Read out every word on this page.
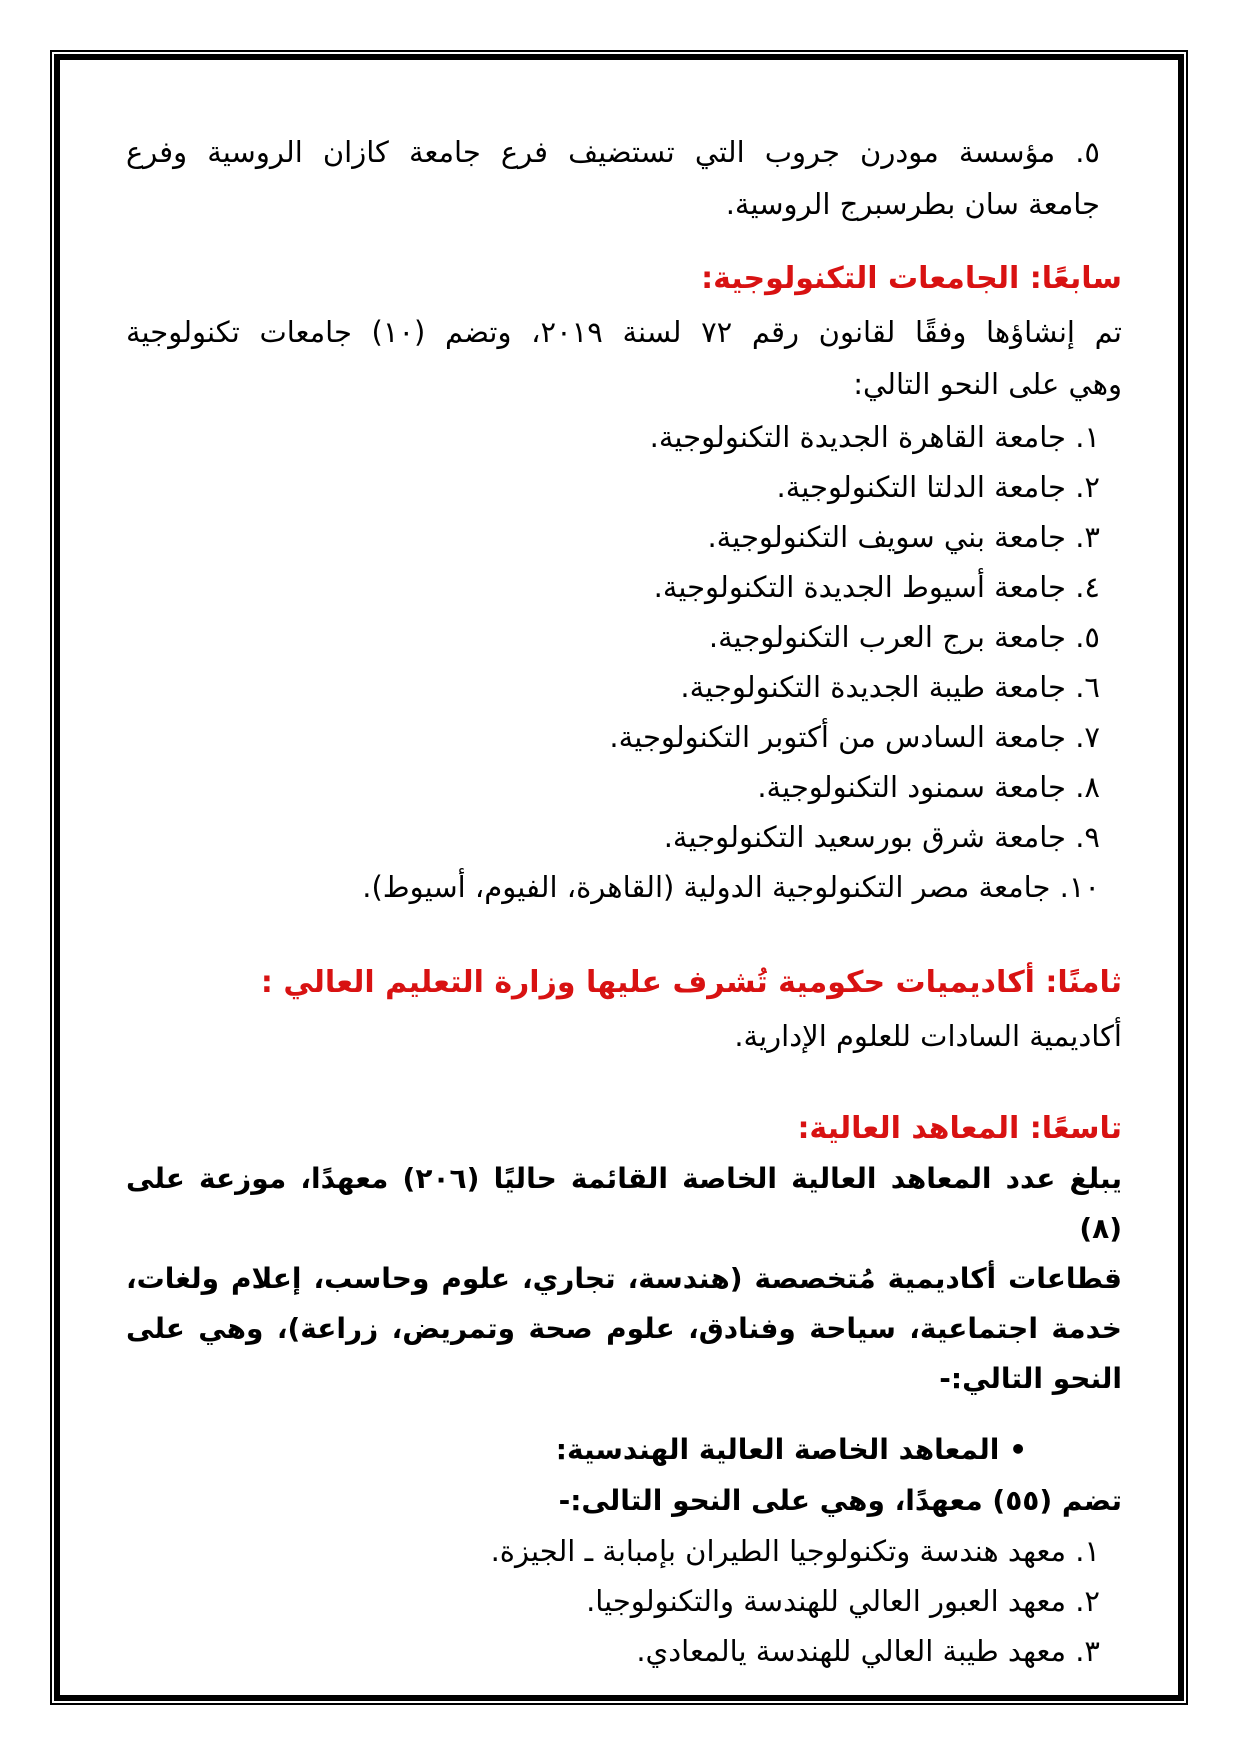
٥. مؤسسة مودرن جروب التي تستضيف فرع جامعة كازان الروسية وفرع
جامعة سان بطرسبرج الروسية.
سابعًا: الجامعات التكنولوجية:
تم إنشاؤها وفقًا لقانون رقم ٧٢ لسنة ٢٠١٩، وتضم (١٠) جامعات تكنولوجية
وهي على النحو التالي:
١. جامعة القاهرة الجديدة التكنولوجية.
٢. جامعة الدلتا التكنولوجية.
٣. جامعة بني سويف التكنولوجية.
٤. جامعة أسيوط الجديدة التكنولوجية.
٥. جامعة برج العرب التكنولوجية.
٦. جامعة طيبة الجديدة التكنولوجية.
٧. جامعة السادس من أكتوبر التكنولوجية.
٨. جامعة سمنود التكنولوجية.
٩. جامعة شرق بورسعيد التكنولوجية.
١٠. جامعة مصر التكنولوجية الدولية (القاهرة، الفيوم، أسيوط).
ثامنًا: أكاديميات حكومية تُشرف عليها وزارة التعليم العالي :
أكاديمية السادات للعلوم الإدارية.
تاسعًا: المعاهد العالية:
يبلغ عدد المعاهد العالية الخاصة القائمة حاليًا (٢٠٦) معهدًا، موزعة على (٨)
قطاعات أكاديمية مُتخصصة (هندسة، تجاري، علوم وحاسب، إعلام ولغات،
خدمة اجتماعية، سياحة وفنادق، علوم صحة وتمريض، زراعة)، وهي على
النحو التالي:-
• المعاهد الخاصة العالية الهندسية:
تضم (٥٥) معهدًا، وهي على النحو التالى:-
١. معهد هندسة وتكنولوجيا الطيران بإمبابة ـ الجيزة.
٢. معهد العبور العالي للهندسة والتكنولوجيا.
٣. معهد طيبة العالي للهندسة يالمعادي.
